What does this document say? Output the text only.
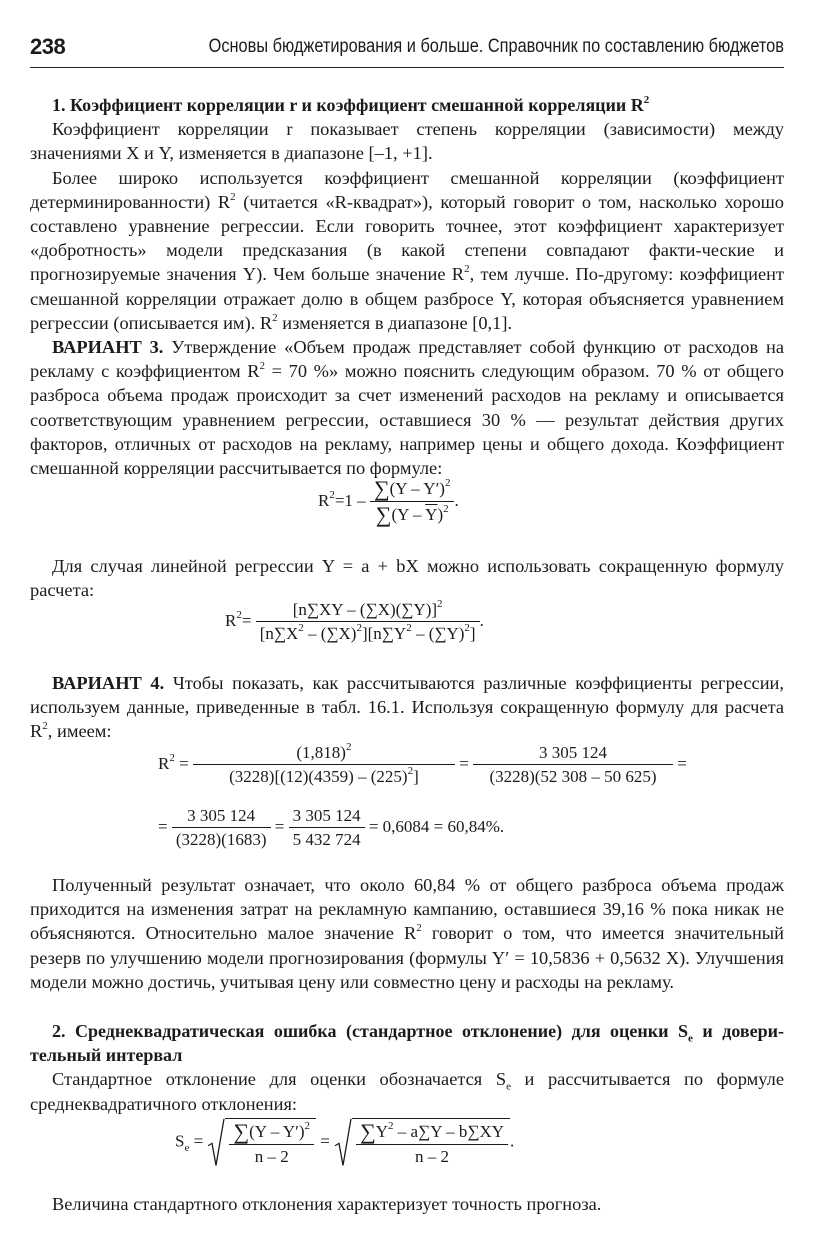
238	Основы бюджетирования и больше. Справочник по составлению бюджетов

1. Коэффициент корреляции r и коэффициент смешанной корреляции $R^2$

Коэффициент корреляции r показывает степень корреляции (зависимости) между значениями X и Y, изменяется в диапазоне [–1, +1].

Более широко используется коэффициент смешанной корреляции (коэффициент детерминированности) $R^2$ (читается «R-квадрат»), который говорит о том, насколько хорошо составлено уравнение регрессии. Если говорить точнее, этот коэффициент характеризует «добротность» модели предсказания (в какой степени совпадают факти-ческие и прогнозируемые значения Y). Чем больше значение $R^2$, тем лучше. По-другому: коэффициент смешанной корреляции отражает долю в общем разбросе Y, которая объясняется уравнением регрессии (описывается им). $R^2$ изменяется в диапазоне [0,1].

ВАРИАНТ 3. Утверждение «Объем продаж представляет собой функцию от расходов на рекламу с коэффициентом $R^2 = 70$ %» можно пояснить следующим образом. 70 % от общего разброса объема продаж происходит за счет изменений расходов на рекламу и описывается соответствующим уравнением регрессии, оставшиеся 30 % — результат действия других факторов, отличных от расходов на рекламу, например цены и общего дохода. Коэффициент смешанной корреляции рассчитывается по формуле:

$R^2=1 - \frac{\sum(Y - Y')^2}{\sum(Y - \overline{Y})^2}$ .

Для случая линейной регрессии Y = a + bX можно использовать сокращенную формулу расчета:

$R^2= \frac{[n\sum XY - (\sum X)(\sum Y)]^2}{[n\sum X^2 - (\sum X)^2][n\sum Y^2 - (\sum Y)^2]}$ .

ВАРИАНТ 4. Чтобы показать, как рассчитываются различные коэффициенты регрессии, используем данные, приведенные в табл. 16.1. Используя сокращенную формулу для расчета $R^2$, имеем:

$R^2 = \frac{(1,818)^2}{(3228)[(12)(4359) - (225)^2]} = \frac{3 305 124}{(3228)(52 308 - 50 625)}$ =
= $\frac{3 305 124}{(3228)(1683)} = \frac{3 305 124}{5 432 724} = 0,6084 = 60,84\%$.

Полученный результат означает, что около 60,84 % от общего разброса объема продаж приходится на изменения затрат на рекламную кампанию, оставшиеся 39,16 % пока никак не объясняются. Относительно малое значение $R^2$ говорит о том, что имеется значительный резерв по улучшению модели прогнозирования (формулы Y′ = 10,5836 + 0,5632 X). Улучшения модели можно достичь, учитывая цену или совместно цену и расходы на рекламу.

2. Среднеквадратическая ошибка (стандартное отклонение) для оценки $S_e$ и довери-тельный интервал

Стандартное отклонение для оценки обозначается $S_e$ и рассчитывается по формуле среднеквадратичного отклонения:

$S_e = \frac{\sum(Y - Y')^2}{n - 2} = \frac{\sum Y^2 - a\sum Y - b\sum XY}{n - 2}$ .

Величина стандартного отклонения характеризует точность прогноза.
